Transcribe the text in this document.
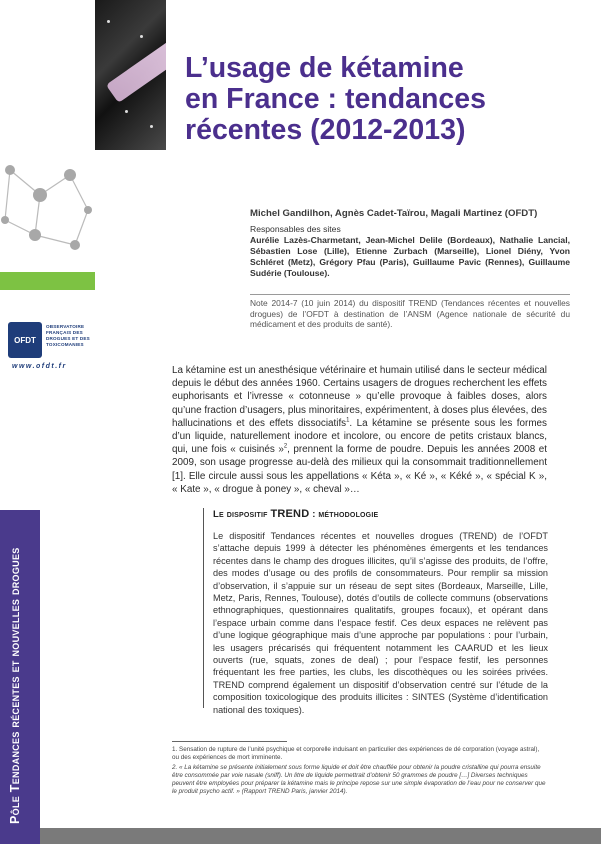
OFDT
OBSERVATOIRE
FRANÇAIS DES
DROGUES ET DES
TOXICOMANIES
www.ofdt.fr
Pôle Tendances récentes et nouvelles drogues
L’usage de kétamine
en France : tendances
récentes (2012-2013)
Michel Gandilhon, Agnès Cadet-Taïrou, Magali Martinez (OFDT)
Responsables des sites
Aurélie Lazès-Charmetant, Jean-Michel Delile (Bordeaux), Nathalie Lancial, Sébastien Lose (Lille), Etienne Zurbach (Marseille), Lionel Diény, Yvon Schléret (Metz), Grégory Pfau (Paris), Guillaume Pavic (Rennes), Guillaume Sudérie (Toulouse).
Note 2014-7 (10 juin 2014) du dispositif TREND (Tendances récentes et nouvelles drogues) de l’OFDT à destination de l’ANSM (Agence nationale de sécurité du médicament et des produits de santé).
La kétamine est un anesthésique vétérinaire et humain utilisé dans le secteur médical depuis le début des années 1960. Certains usagers de drogues recherchent les effets euphorisants et l’ivresse « cotonneuse » qu’elle provoque à faibles doses, alors qu’une fraction d’usagers, plus minoritaires, expérimentent, à doses plus élevées, des hallucinations et des effets dissociatifs$^1$. La kétamine se présente sous les formes d’un liquide, naturellement inodore et incolore, ou encore de petits cristaux blancs, qui, une fois « cuisinés »$^2$, prennent la forme de poudre. Depuis les années 2008 et 2009, son usage progresse au-delà des milieux qui la consommait traditionnellement [1]. Elle circule aussi sous les appellations « Kéta », « Ké », « Kéké », « spécial K », « Kate », « drogue à poney », « cheval »…
Le dispositif TREND : méthodologie
Le dispositif Tendances récentes et nouvelles drogues (TREND) de l’OFDT s’attache depuis 1999 à détecter les phénomènes émergents et les tendances récentes dans le champ des drogues illicites, qu’il s’agisse des produits, de l’offre, des modes d’usage ou des profils de consommateurs. Pour remplir sa mission d’observation, il s’appuie sur un réseau de sept sites (Bordeaux, Marseille, Lille, Metz, Paris, Rennes, Toulouse), dotés d’outils de collecte communs (observations ethnographiques, questionnaires qualitatifs, groupes focaux), et opérant dans l’espace urbain comme dans l’espace festif. Ces deux espaces ne relèvent pas d’une logique géographique mais d’une approche par populations : pour l’urbain, les usagers précarisés qui fréquentent notamment les CAARUD et les lieux ouverts (rue, squats, zones de deal) ; pour l’espace festif, les personnes fréquentant les free parties, les clubs, les discothèques ou les soirées privées. TREND comprend également un dispositif d’observation centré sur l’étude de la composition toxicologique des produits illicites : SINTES (Système d’identification national des toxiques).
1. Sensation de rupture de l’unité psychique et corporelle induisant en particulier des expériences de dé corporation (voyage astral), ou des expériences de mort imminente.
2. « La kétamine se présente initialement sous forme liquide et doit être chauffée pour obtenir la poudre cristalline qui pourra ensuite être consommée par voie nasale (sniff). Un litre de liquide permettrait d’obtenir 50 grammes de poudre […] Diverses techniques peuvent être employées pour préparer la kétamine mais le principe repose sur une simple évaporation de l’eau pour ne conserver que le produit psycho actif. » (Rapport TREND Paris, janvier 2014).
